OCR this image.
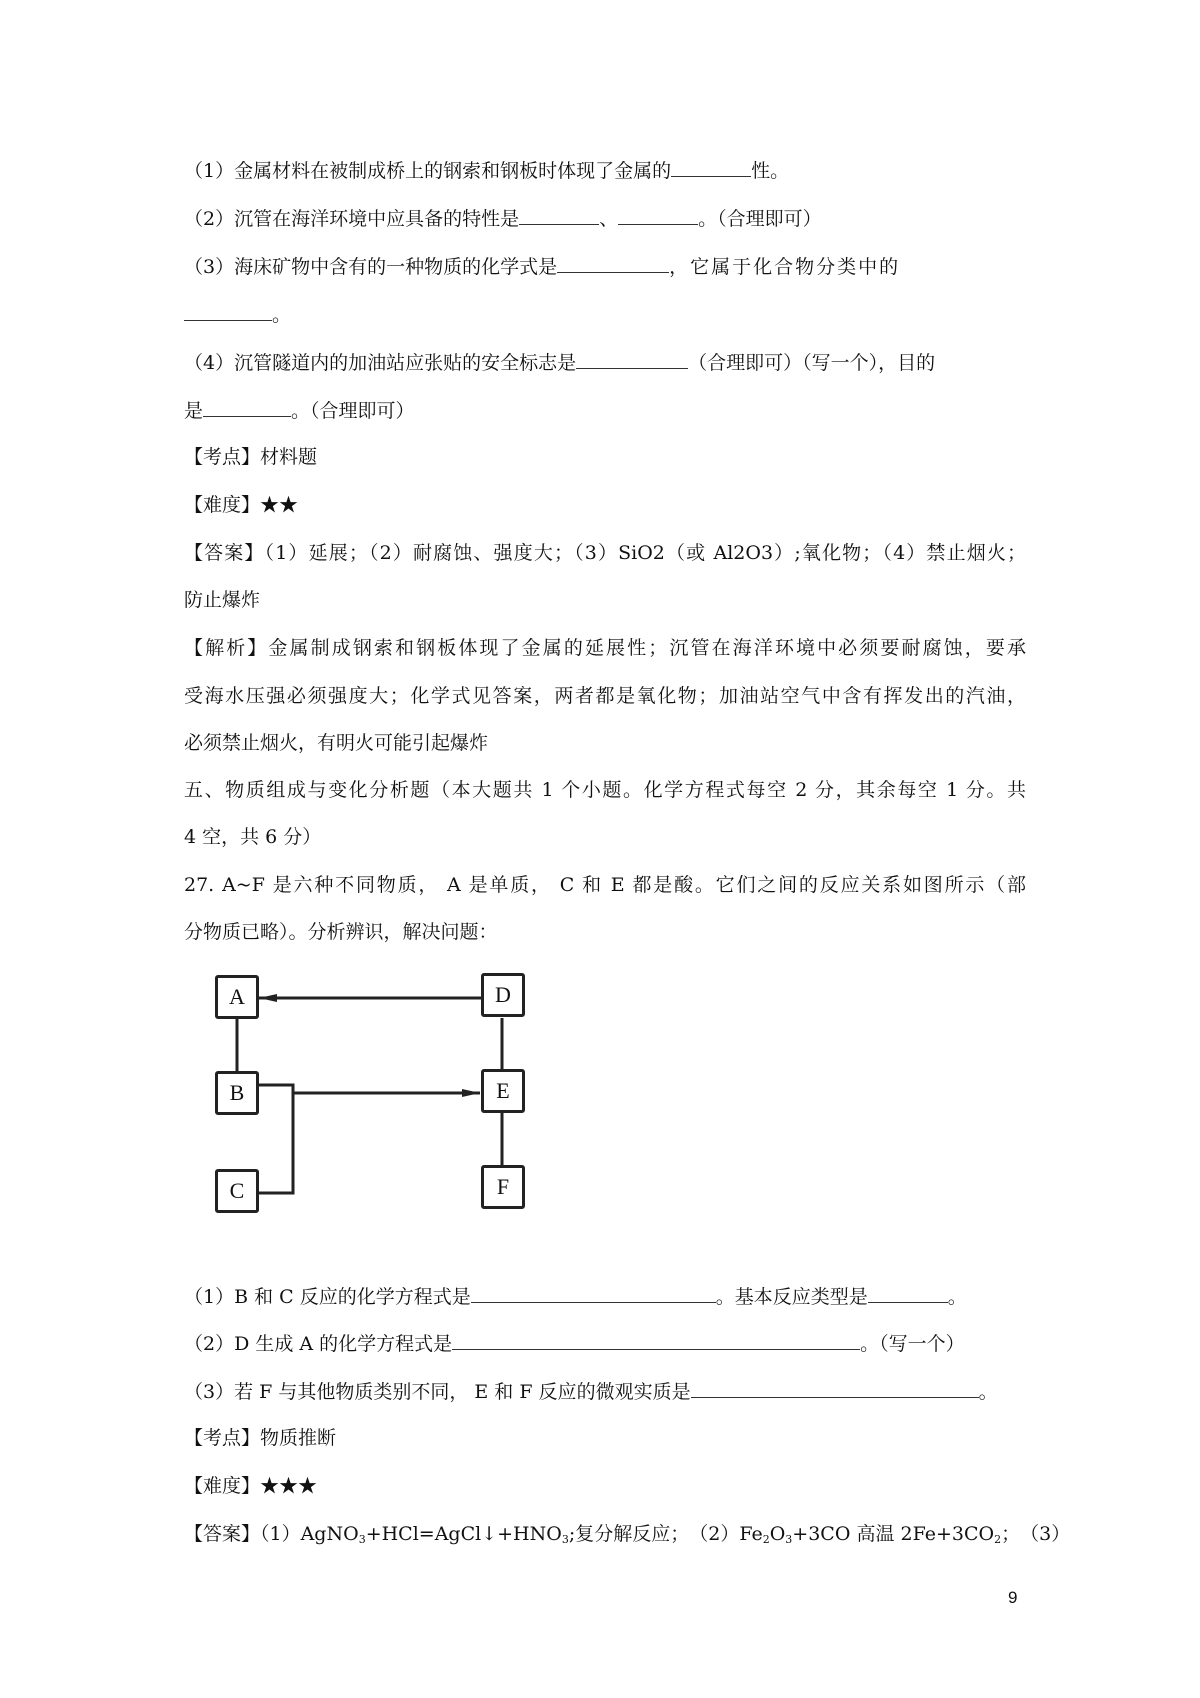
（1）金属材料在被制成桥上的钢索和钢板时体现了金属的	性。
（2）沉管在海洋环境中应具备的特性是	、	。（合理即可）
（3）海床矿物中含有的一种物质的化学式是	，它属于化合物分类中的
。
（4）沉管隧道内的加油站应张贴的安全标志是	（合理即可）（写一个），目的
是	。（合理即可）
【考点】材料题
【难度】★★
【答案】（1）延展；（2）耐腐蚀、强度大；（3）SiO2（或 Al2O3）;氧化物；（4）禁止烟火；
防止爆炸
【解析】金属制成钢索和钢板体现了金属的延展性；沉管在海洋环境中必须要耐腐蚀，要承
受海水压强必须强度大；化学式见答案，两者都是氧化物；加油站空气中含有挥发出的汽油，
必须禁止烟火，有明火可能引起爆炸
五、物质组成与变化分析题（本大题共 1 个小题。化学方程式每空 2 分，其余每空 1 分。共
4 空，共 6 分）
27. A~F 是六种不同物质， A 是单质， C 和 E 都是酸。它们之间的反应关系如图所示（部
分物质已略）。分析辨识，解决问题：
A
B
C
D
E
F
（1）B 和 C 反应的化学方程式是	。基本反应类型是	。
（2）D 生成 A 的化学方程式是	。（写一个）
（3）若 F 与其他物质类别不同， E 和 F 反应的微观实质是	。
【考点】物质推断
【难度】★★★
【答案】$(1)AgNO_3+HCl=AgCl↓+HNO_3$;复分解反应；　$(2)Fe_2O_3+3CO$ 高温 $2Fe+3CO_2$；　（3）
9
